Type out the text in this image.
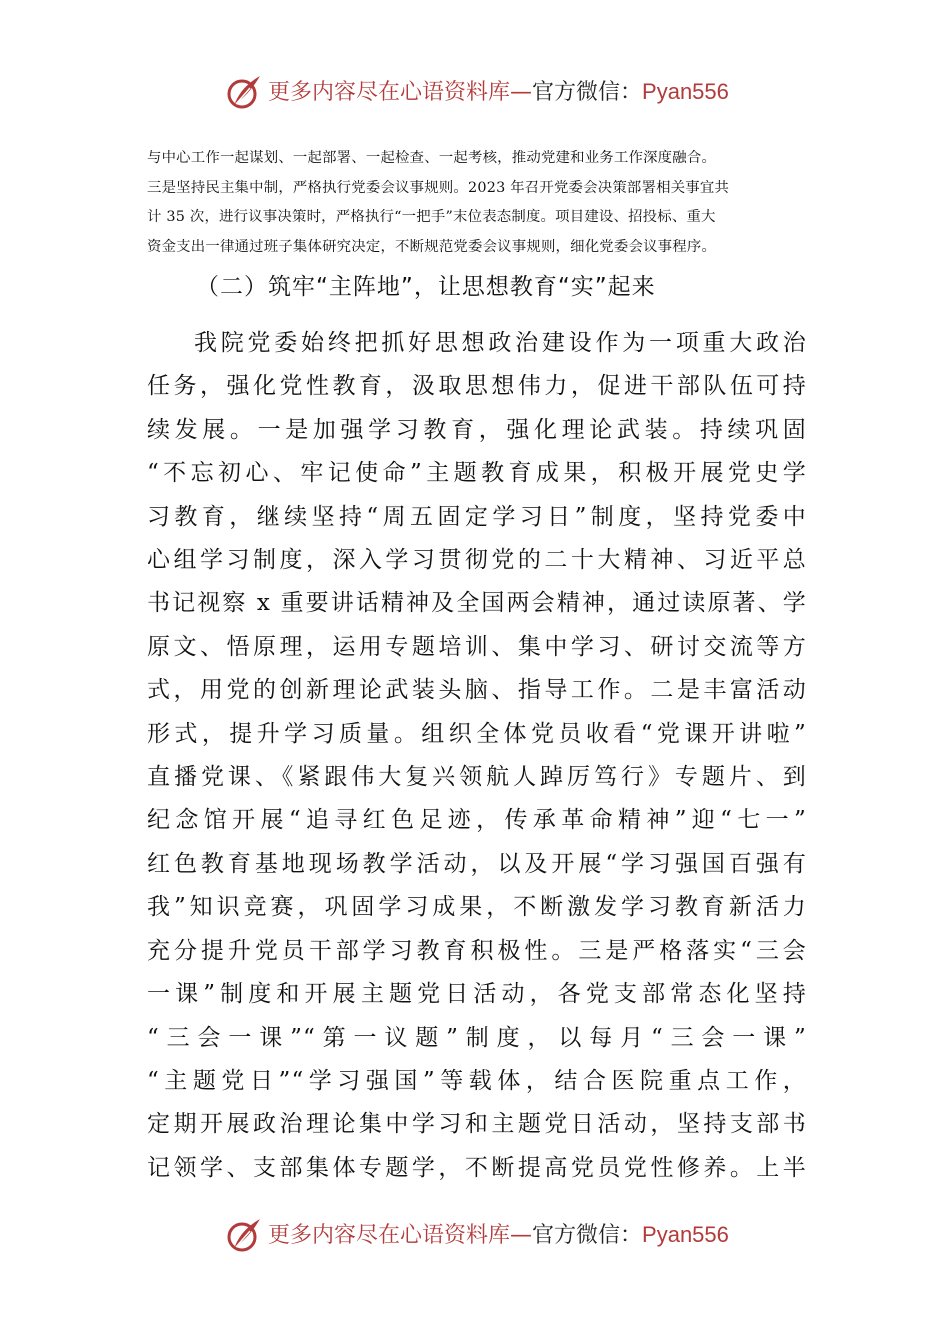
更多内容尽在心语资料库—官方微信：Pyan556
与中心工作一起谋划、一起部署、一起检查、一起考核，推动党建和业务工作深度融合。
三是坚持民主集中制，严格执行党委会议事规则。2023 年召开党委会决策部署相关事宜共
计 35 次，进行议事决策时，严格执行“一把手”末位表态制度。项目建设、招投标、重大
资金支出一律通过班子集体研究决定，不断规范党委会议事规则，细化党委会议事程序。
（二）筑牢“主阵地”，让思想教育“实”起来
我院党委始终把抓好思想政治建设作为一项重大政治
任务，强化党性教育，汲取思想伟力，促进干部队伍可持
续发展。一是加强学习教育，强化理论武装。持续巩固
“不忘初心、牢记使命”主题教育成果，积极开展党史学
习教育，继续坚持“周五固定学习日”制度，坚持党委中
心组学习制度，深入学习贯彻党的二十大精神、习近平总
书记视察 x 重要讲话精神及全国两会精神，通过读原著、学
原文、悟原理，运用专题培训、集中学习、研讨交流等方
式，用党的创新理论武装头脑、指导工作。二是丰富活动
形式，提升学习质量。组织全体党员收看“党课开讲啦”
直播党课、《紧跟伟大复兴领航人踔厉笃行》专题片、到
纪念馆开展“追寻红色足迹，传承革命精神”迎“七一”
红色教育基地现场教学活动，以及开展“学习强国百强有
我”知识竞赛，巩固学习成果，不断激发学习教育新活力
充分提升党员干部学习教育积极性。三是严格落实“三会
一课”制度和开展主题党日活动，各党支部常态化坚持
“三会一课”“第一议题”制度，以每月“三会一课”
“主题党日”“学习强国”等载体，结合医院重点工作，
定期开展政治理论集中学习和主题党日活动，坚持支部书
记领学、支部集体专题学，不断提高党员党性修养。上半
更多内容尽在心语资料库—官方微信：Pyan556
